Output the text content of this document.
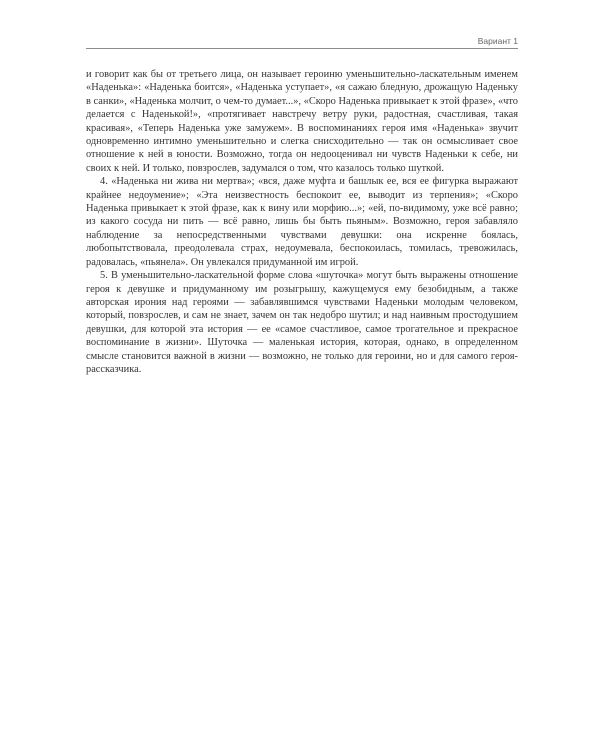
Вариант 1

и говорит как бы от третьего лица, он называет героиню уменьшительно-ласкательным именем «Наденька»: «Наденька боится», «Наденька уступает», «я сажаю бледную, дрожащую Наденьку в санки», «Наденька молчит, о чем-то думает...», «Скоро Наденька привыкает к этой фразе», «что делается с Наденькой!», «протягивает навстречу ветру руки, радостная, счастливая, такая красивая», «Теперь Наденька уже замужем». В воспоминаниях героя имя «Наденька» звучит одновременно интимно уменьшительно и слегка снисходительно — так он осмысливает свое отношение к ней в юности. Возможно, тогда он недооценивал ни чувств Наденьки к себе, ни своих к ней. И только, повзрослев, задумался о том, что казалось только шуткой.

4. «Наденька ни жива ни мертва»; «вся, даже муфта и башлык ее, вся ее фигурка выражают крайнее недоумение»; «Эта неизвестность беспокоит ее, выводит из терпения»; «Скоро Наденька привыкает к этой фразе, как к вину или морфию...»; «ей, по-видимому, уже всё равно; из какого сосуда ни пить — всё равно, лишь бы быть пьяным». Возможно, героя забавляло наблюдение за непосредственными чувствами девушки: она искренне боялась, любопытствовала, преодолевала страх, недоумевала, беспокоилась, томилась, тревожилась, радовалась, «пьянела». Он увлекался придуманной им игрой.

5. В уменьшительно-ласкательной форме слова «шуточка» могут быть выражены отношение героя к девушке и придуманному им розыгрышу, кажущемуся ему безобидным, а также авторская ирония над героями — забавлявшимся чувствами Наденьки молодым человеком, который, повзрослев, и сам не знает, зачем он так недобро шутил; и над наивным простодушием девушки, для которой эта история — ее «самое счастливое, самое трогательное и прекрасное воспоминание в жизни». Шуточка — маленькая история, которая, однако, в определенном смысле становится важной в жизни — возможно, не только для героини, но и для самого героя-рассказчика.
